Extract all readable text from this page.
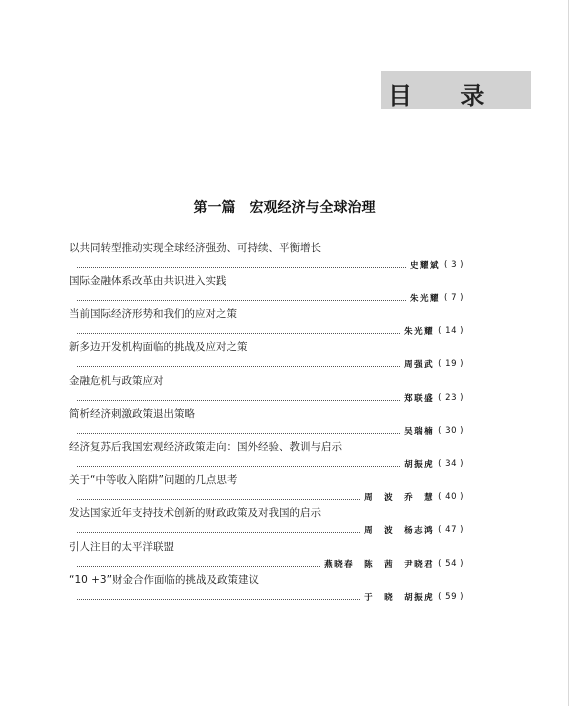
目 录
第一篇　宏观经济与全球治理
以共同转型推动实现全球经济强劲、可持续、平衡增长
史耀斌 ( 3 )
国际金融体系改革由共识进入实践
朱光耀 ( 7 )
当前国际经济形势和我们的应对之策
朱光耀 ( 14 )
新多边开发机构面临的挑战及应对之策
周强武 ( 19 )
金融危机与政策应对
郑联盛 ( 23 )
简析经济刺激政策退出策略
吴瑞楠 ( 30 )
经济复苏后我国宏观经济政策走向：国外经验、教训与启示
胡振虎 ( 34 )
关于“中等收入陷阱”问题的几点思考
周　波　乔　慧 ( 40 )
发达国家近年支持技术创新的财政政策及对我国的启示
周　波　杨志鸿 ( 47 )
引人注目的太平洋联盟
燕晓春　陈　茜　尹晓君 ( 54 )
“10 +3”财金合作面临的挑战及政策建议
于　晓　胡振虎 ( 59 )
